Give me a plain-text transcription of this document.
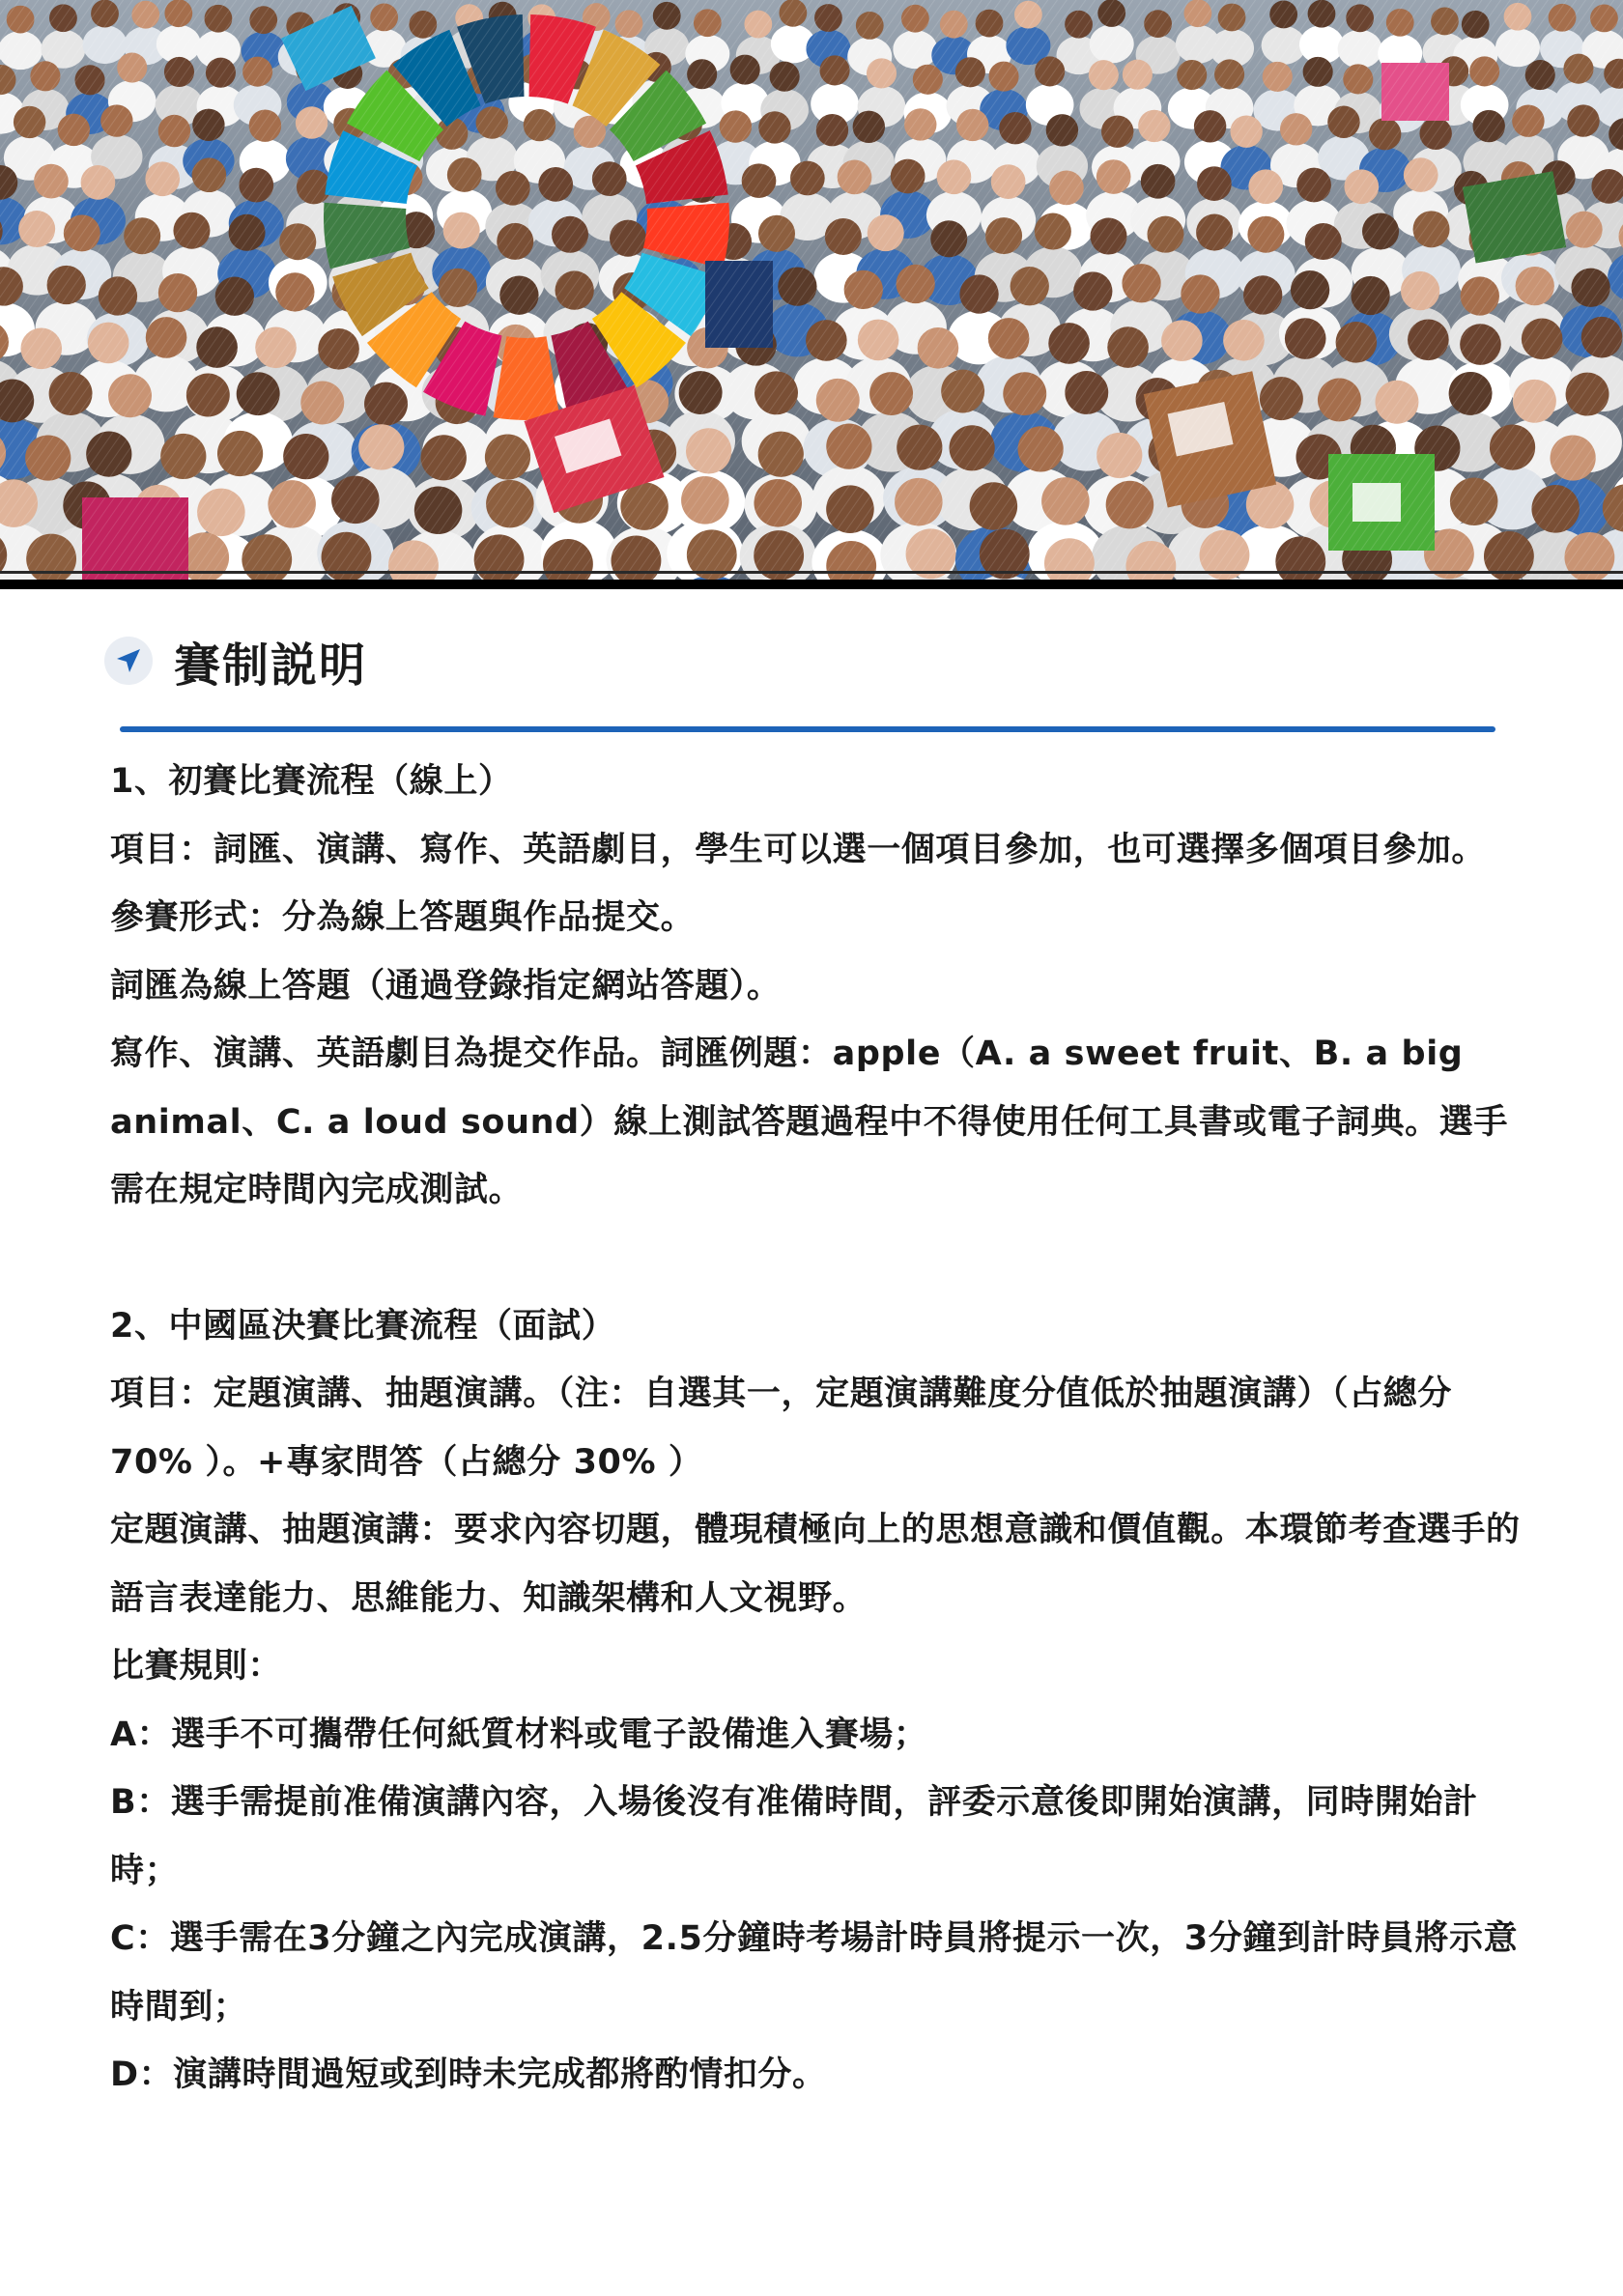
賽制説明

1、初賽比賽流程（線上）

項目：詞匯、演講、寫作、英語劇目，學生可以選一個項目參加，也可選擇多個項目參加。

參賽形式：分為線上答題與作品提交。

詞匯為線上答題（通過登錄指定網站答題）。

寫作、演講、英語劇目為提交作品。詞匯例題：apple（A. a sweet fruit、B. a big animal、C. a loud sound）線上測試答題過程中不得使用任何工具書或電子詞典。選手需在規定時間內完成測試。

2、中國區決賽比賽流程（面試）

項目：定題演講、抽題演講。（注：自選其一，定題演講難度分值低於抽題演講）（占總分 70% ）。+專家問答（占總分 30% ）

定題演講、抽題演講：要求內容切題，體現積極向上的思想意識和價值觀。本環節考查選手的語言表達能力、思維能力、知識架構和人文視野。

比賽規則：

A：選手不可攜帶任何紙質材料或電子設備進入賽場；

B：選手需提前准備演講內容，入場後沒有准備時間，評委示意後即開始演講，同時開始計時；

C：選手需在3分鐘之內完成演講，2.5分鐘時考場計時員將提示一次，3分鐘到計時員將示意時間到；

D：演講時間過短或到時未完成都將酌情扣分。
